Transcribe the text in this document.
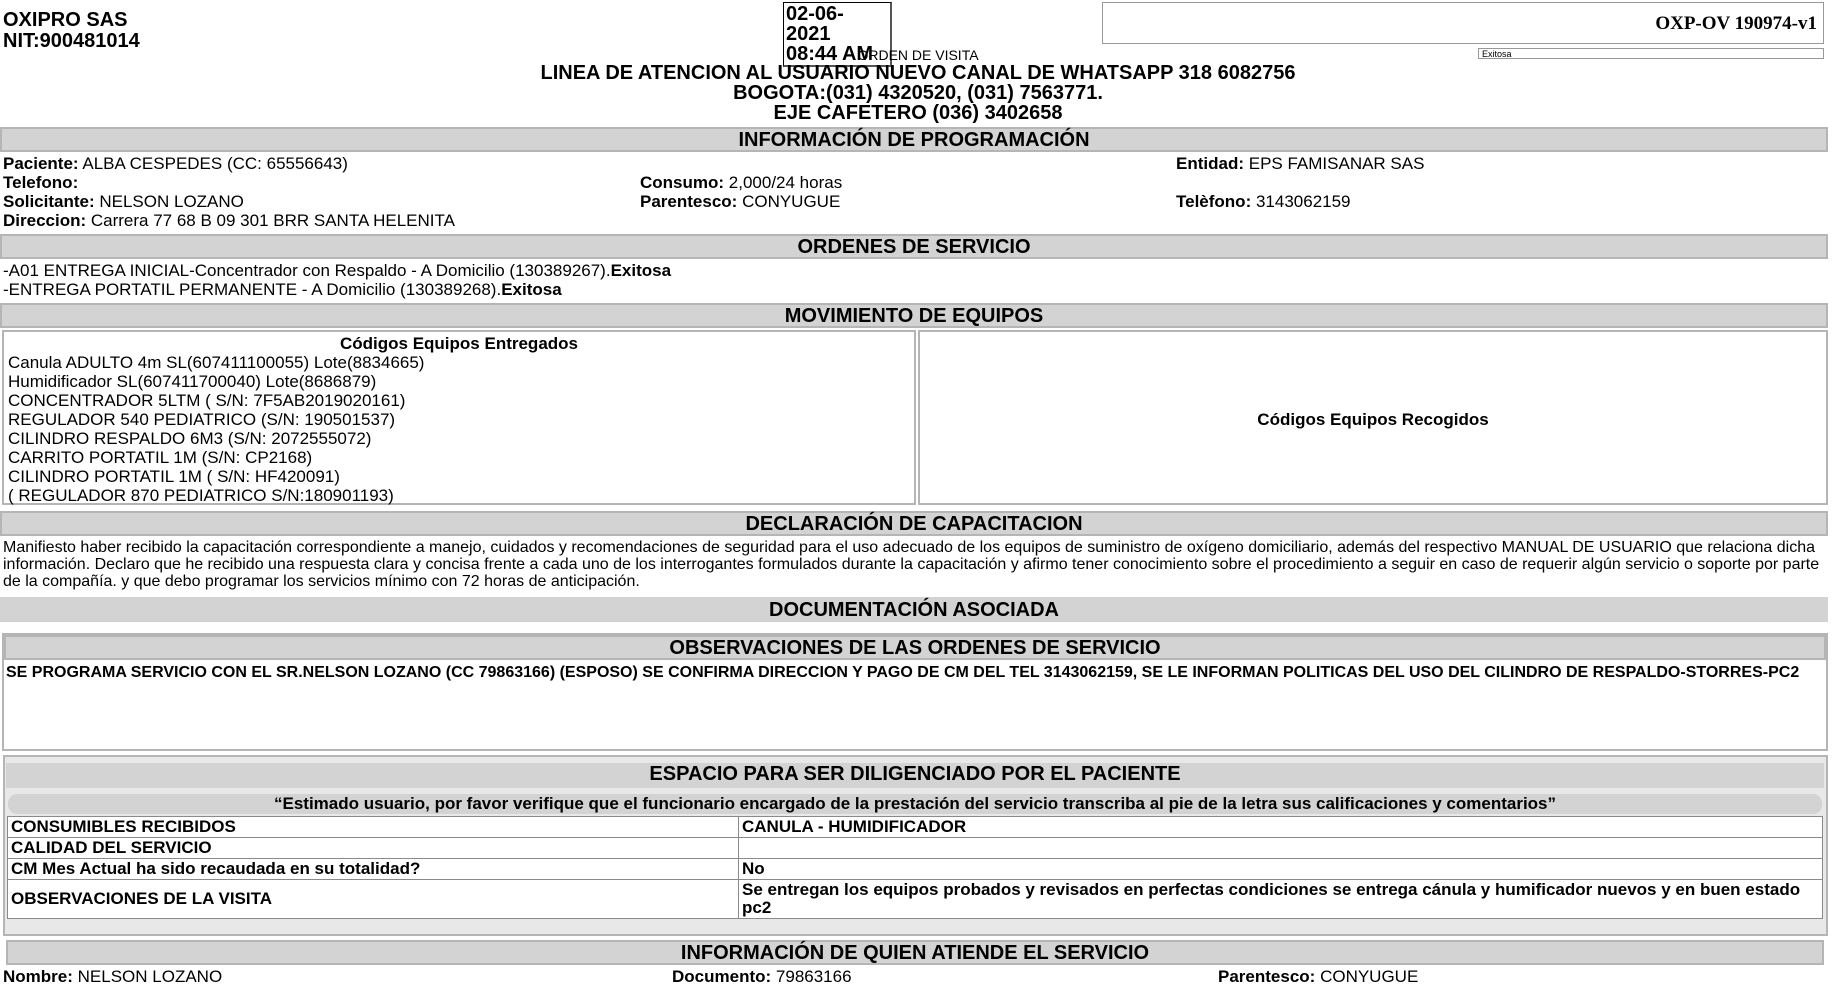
OXIPRO SAS
NIT:900481014
02-06-2021
08:44 AM
OXP-OV 190974-v1
Exitosa
ORDEN DE VISITA
LINEA DE ATENCION AL USUARIO NUEVO CANAL DE WHATSAPP 318 6082756
BOGOTA:(031) 4320520, (031) 7563771.
EJE CAFETERO (036) 3402658
INFORMACIÓN DE PROGRAMACIÓN
Paciente: ALBA CESPEDES (CC: 65556643)	Entidad: EPS FAMISANAR SAS
Telefono:	Consumo: 2,000/24 horas
Solicitante: NELSON LOZANO	Parentesco: CONYUGUE	Telèfono: 3143062159
Direccion: Carrera 77 68 B 09 301 BRR SANTA HELENITA
ORDENES DE SERVICIO
-A01 ENTREGA INICIAL-Concentrador con Respaldo - A Domicilio (130389267).Exitosa
-ENTREGA PORTATIL PERMANENTE - A Domicilio (130389268).Exitosa
MOVIMIENTO DE EQUIPOS
Códigos Equipos Entregados
Canula ADULTO 4m SL(607411100055) Lote(8834665)
Humidificador SL(607411700040) Lote(8686879)
CONCENTRADOR 5LTM ( S/N: 7F5AB2019020161)
REGULADOR 540 PEDIATRICO (S/N: 190501537)
CILINDRO RESPALDO 6M3 (S/N: 2072555072)
CARRITO PORTATIL 1M (S/N: CP2168)
CILINDRO PORTATIL 1M ( S/N: HF420091)
( REGULADOR 870 PEDIATRICO S/N:180901193)
Códigos Equipos Recogidos
DECLARACIÓN DE CAPACITACION
Manifiesto haber recibido la capacitación correspondiente a manejo, cuidados y recomendaciones de seguridad para el uso adecuado de los equipos de suministro de oxígeno domiciliario, además del respectivo MANUAL DE USUARIO que relaciona dicha información. Declaro que he recibido una respuesta clara y concisa frente a cada uno de los interrogantes formulados durante la capacitación y afirmo tener conocimiento sobre el procedimiento a seguir en caso de requerir algún servicio o soporte por parte de la compañía. y que debo programar los servicios mínimo con 72 horas de anticipación.
DOCUMENTACIÓN ASOCIADA
OBSERVACIONES DE LAS ORDENES DE SERVICIO
SE PROGRAMA SERVICIO CON EL SR.NELSON LOZANO (CC 79863166) (ESPOSO) SE CONFIRMA DIRECCION Y PAGO DE CM DEL TEL 3143062159, SE LE INFORMAN POLITICAS DEL USO DEL CILINDRO DE RESPALDO-STORRES-PC2
ESPACIO PARA SER DILIGENCIADO POR EL PACIENTE
“Estimado usuario, por favor verifique que el funcionario encargado de la prestación del servicio transcriba al pie de la letra sus calificaciones y comentarios”
CONSUMIBLES RECIBIDOS	CANULA - HUMIDIFICADOR
CALIDAD DEL SERVICIO	
CM Mes Actual ha sido recaudada en su totalidad?	No
OBSERVACIONES DE LA VISITA	Se entregan los equipos probados y revisados en perfectas condiciones se entrega cánula y humificador nuevos y en buen estado pc2
INFORMACIÓN DE QUIEN ATIENDE EL SERVICIO
Nombre: NELSON LOZANO	Documento: 79863166	Parentesco: CONYUGUE
